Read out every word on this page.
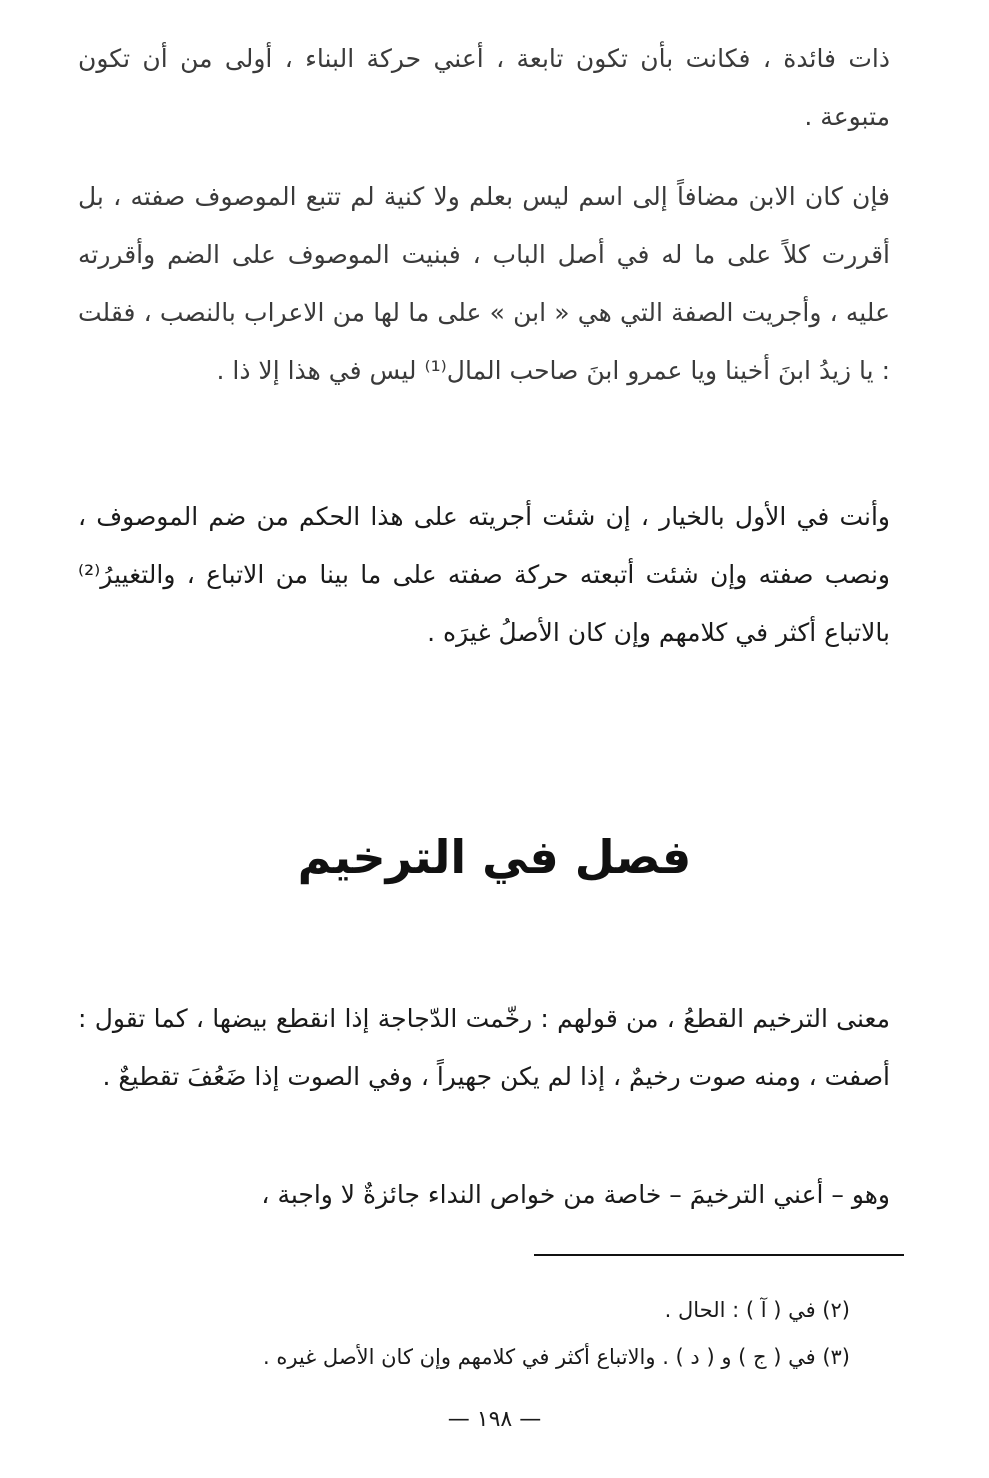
ذات فائدة ، فكانت بأن تكون تابعة ، أعني حركة البناء ، أولى من أن تكون متبوعة .

فإن كان الابن مضافاً إلى اسم ليس بعلم ولا كنية لم تتبع الموصوف صفته ، بل أقررت كلاً على ما له في أصل الباب ، فبنيت الموصوف على الضم وأقررته عليه ، وأجريت الصفة التي هي « ابن » على ما لها من الاعراب بالنصب ، فقلت : يا زيدُ ابنَ أخينا ويا عمرو ابنَ صاحب المال⁽¹⁾ ليس في هذا إلا ذا .

وأنت في الأول بالخيار ، إن شئت أجريته على هذا الحكم من ضم الموصوف ، ونصب صفته وإن شئت أتبعته حركة صفته على ما بينا من الاتباع ، والتغييرُ⁽²⁾ بالاتباع أكثر في كلامهم وإن كان الأصلُ غيرَه .

فصل في الترخيم

معنى الترخيم القطعُ ، من قولهم : رخّمت الدّجاجة إذا انقطع بيضها ، كما تقول : أصفت ، ومنه صوت رخيمٌ ، إذا لم يكن جهيراً ، وفي الصوت إذا ضَعُفَ تقطيعٌ .

وهو – أعني الترخيمَ – خاصة من خواص النداء جائزةٌ لا واجبة ،

(٢) في ( آ ) : الحال .

(٣) في ( ج ) و ( د ) . والاتباع أكثر في كلامهم وإن كان الأصل غيره .

— ١٩٨ —
